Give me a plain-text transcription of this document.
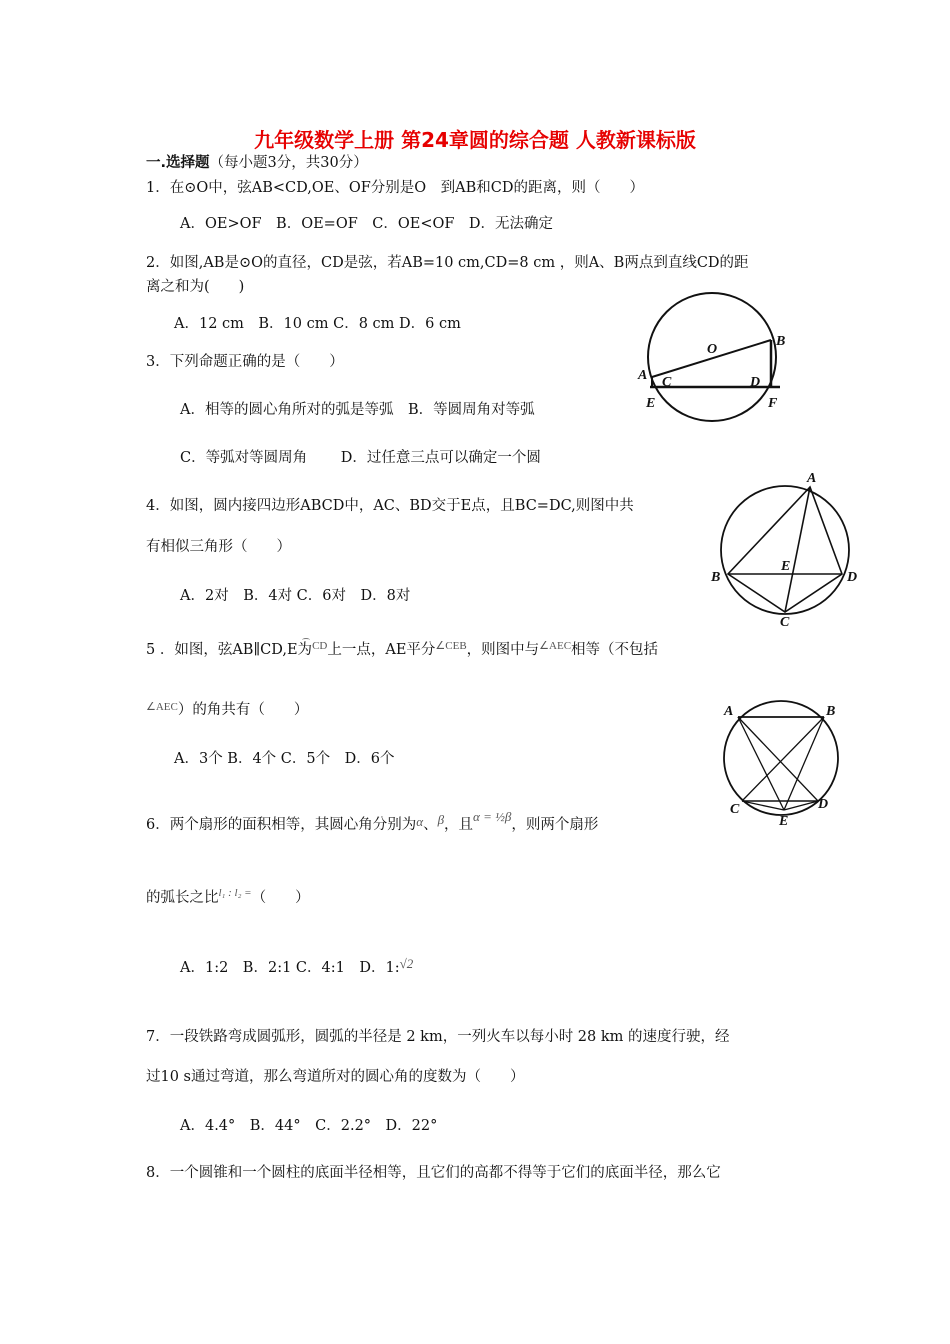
九年级数学上册 第24章圆的综合题 人教新课标版
一.选择题（每小题3分，共30分）
1．在⊙O中，弦AB<CD,OE、OF分别是O　到AB和CD的距离，则（　　）
A．OE>OF　B．OE=OF　C．OE<OF　D．无法确定
2．如图,AB是⊙O的直径，CD是弦，若AB=10 cm,CD=8 cm ，则A、B两点到直线CD的距
离之和为(　　)
A．12 cm　B．10 cm C．8 cm D．6 cm
3．下列命题正确的是（　　）
A．相等的圆心角所对的弧是等弧　B．等圆周角对等弧
C．等弧对等圆周角　　 D．过任意三点可以确定一个圆
4．如图，圆内接四边形ABCD中，AC、BD交于E点，且BC=DC,则图中共
有相似三角形（　　）
A．2对　B．4对 C．6对　D．8对
5 ．如图，弦AB∥CD,E为
$^{CD}$上一点，AE平分$^{\angle CEB}$，则图中与$^{\angle AEC}$相等（不包括
$^{\angle AEC}$）的角共有（　　）
A．3个 B．4个 C．5个　D．6个
6．两个扇形的面积相等，其圆心角分别为α、β，且α = ½β，则两个扇形
的弧长之比$^{l_1 : l_2 =}$（　　）
A．1:2　B．2:1 C．4:1　D．1:√2
7．一段铁路弯成圆弧形，圆弧的半径是 2 km，一列火车以每小时 28 km 的速度行驶，经
过10 s通过弯道，那么弯道所对的圆心角的度数为（　　）
A．4.4°　B．44°　C．2.2°　D．22°
8．一个圆锥和一个圆柱的底面半径相等，且它们的高都不得等于它们的底面半径，那么它
O
B
A C	D
E	F
A
B
E
D
C
A	B
C
E
D
